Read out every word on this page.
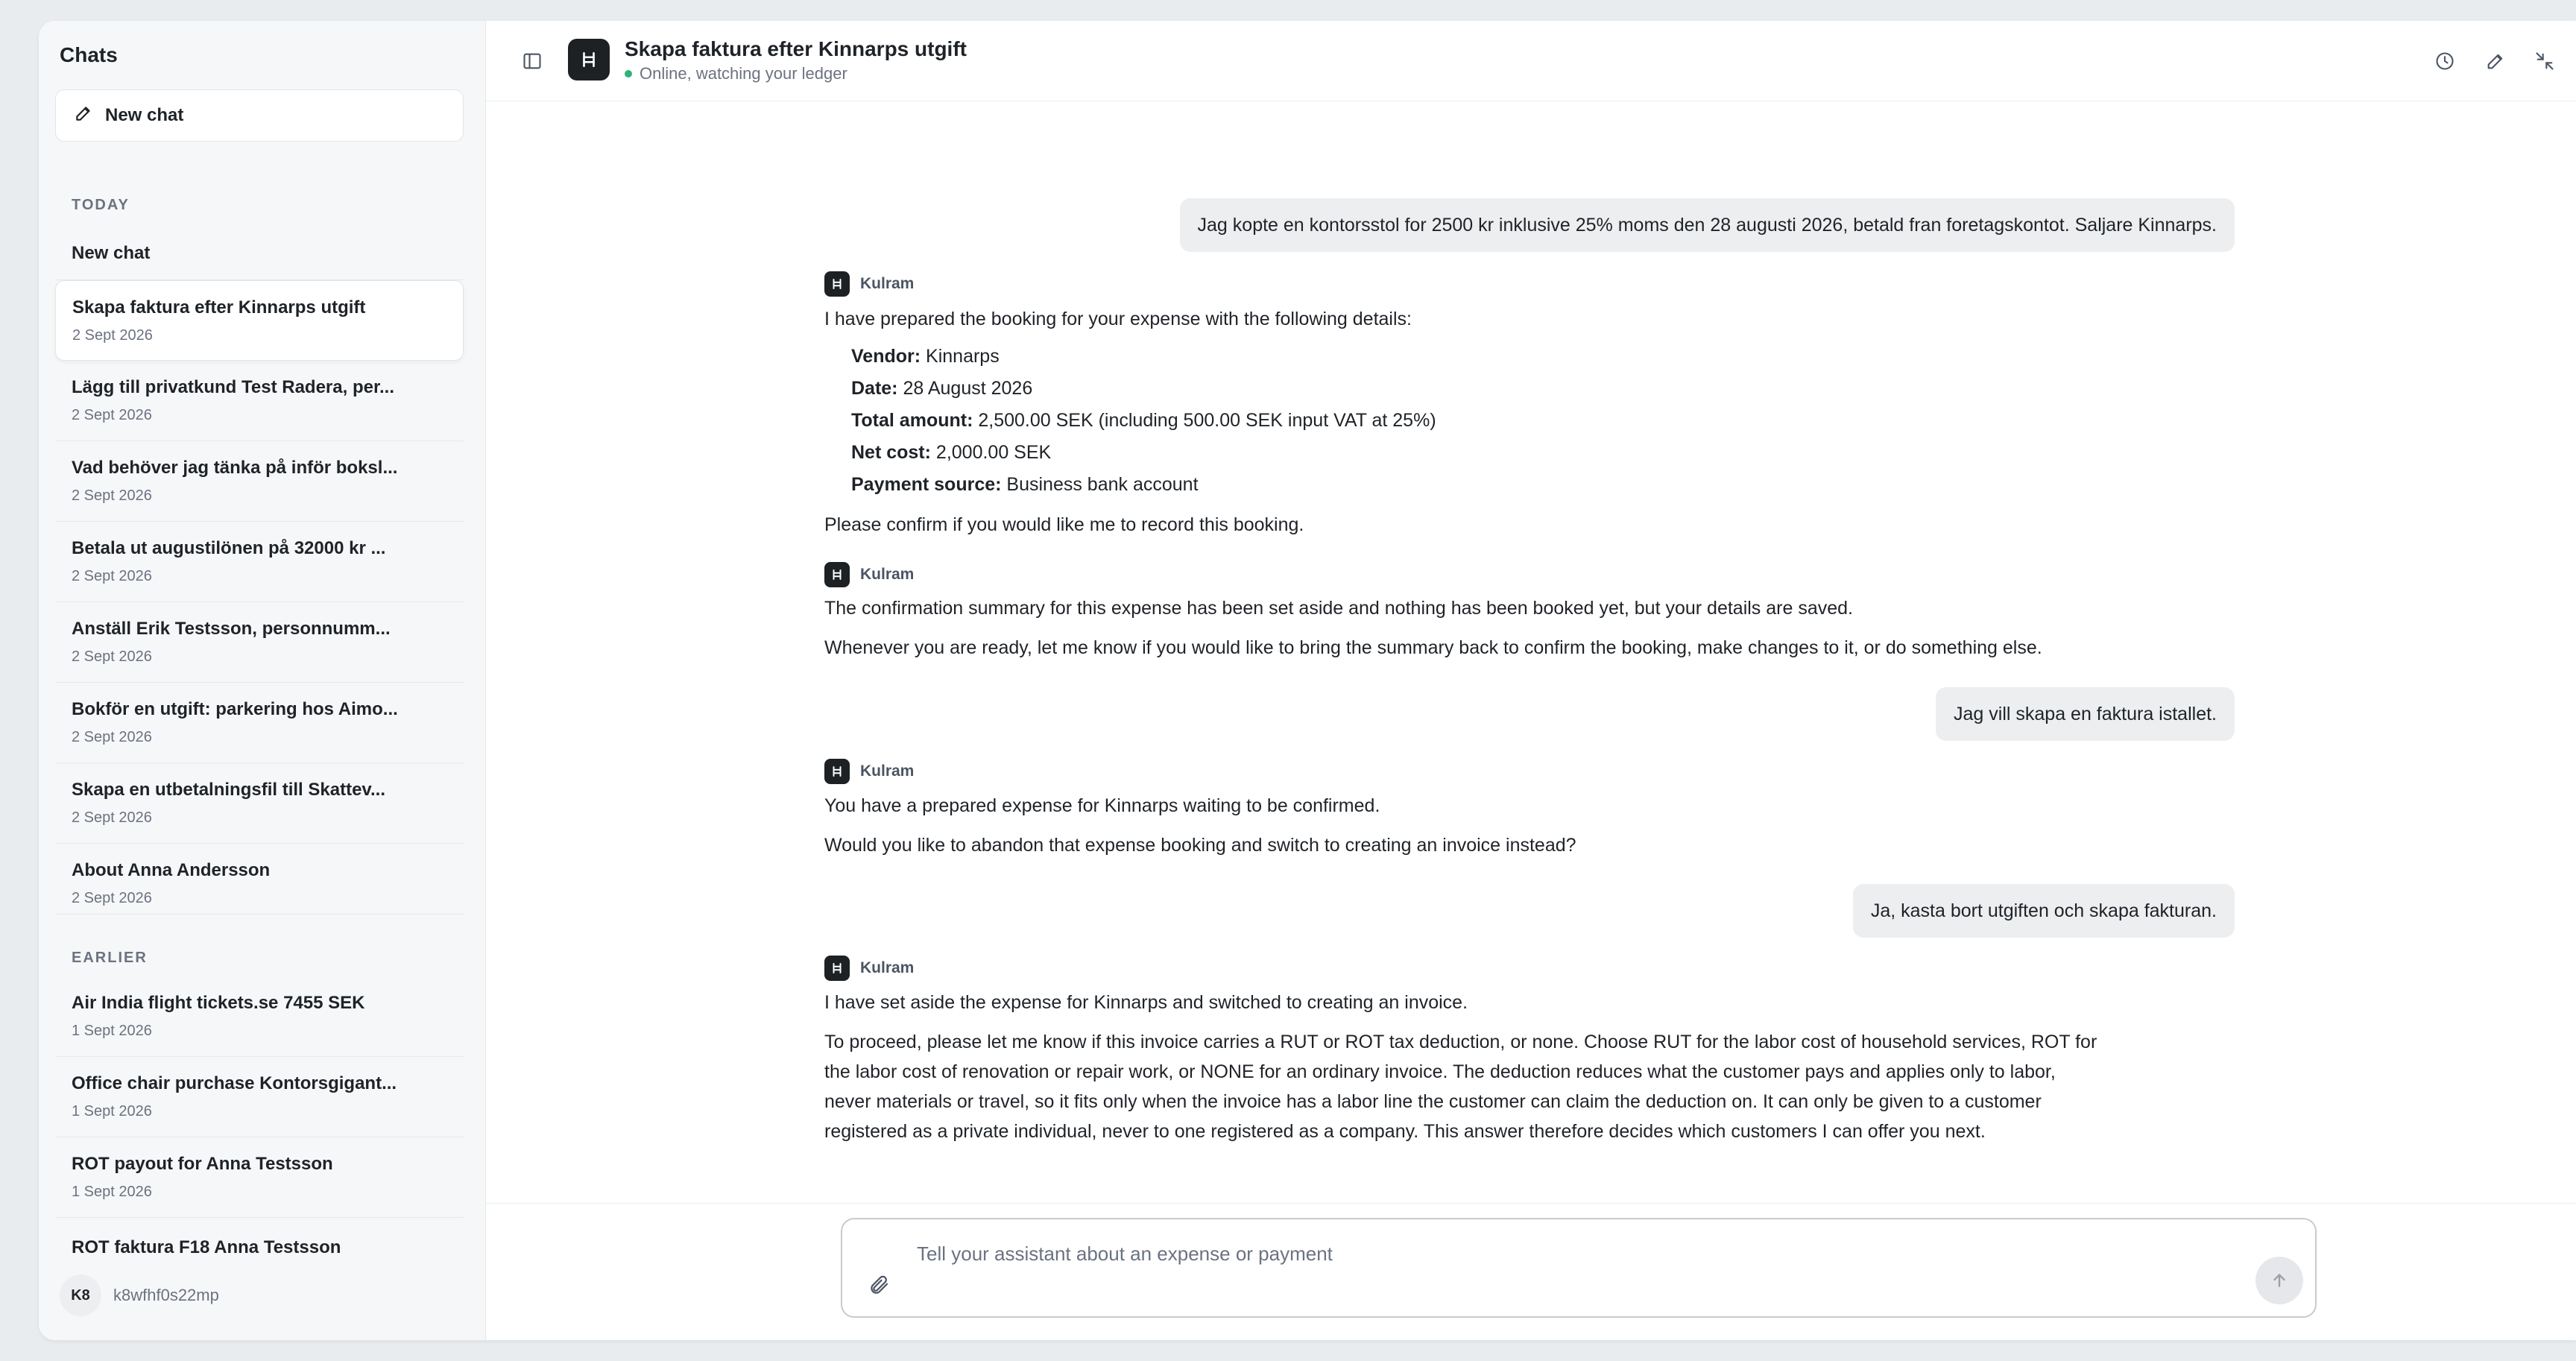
Chats
New chat
TODAY
New chat
Skapa faktura efter Kinnarps utgift
2 Sept 2026
Lägg till privatkund Test Radera, per...
2 Sept 2026
Vad behöver jag tänka på inför boksl...
2 Sept 2026
Betala ut augustilönen på 32000 kr ...
2 Sept 2026
Anställ Erik Testsson, personnumm...
2 Sept 2026
Bokför en utgift: parkering hos Aimo...
2 Sept 2026
Skapa en utbetalningsfil till Skattev...
2 Sept 2026
About Anna Andersson
2 Sept 2026
EARLIER
Air India flight tickets.se 7455 SEK
1 Sept 2026
Office chair purchase Kontorsgigant...
1 Sept 2026
ROT payout for Anna Testsson
1 Sept 2026
ROT faktura F18 Anna Testsson
K8	k8wfhf0s22mp
Skapa faktura efter Kinnarps utgift
Online, watching your ledger
Jag kopte en kontorsstol for 2500 kr inklusive 25% moms den 28 augusti 2026, betald fran foretagskontot. Saljare Kinnarps.
Kulram
I have prepared the booking for your expense with the following details:
Vendor: Kinnarps
Date: 28 August 2026
Total amount: 2,500.00 SEK (including 500.00 SEK input VAT at 25%)
Net cost: 2,000.00 SEK
Payment source: Business bank account
Please confirm if you would like me to record this booking.
Kulram
The confirmation summary for this expense has been set aside and nothing has been booked yet, but your details are saved.
Whenever you are ready, let me know if you would like to bring the summary back to confirm the booking, make changes to it, or do something else.
Jag vill skapa en faktura istallet.
Kulram
You have a prepared expense for Kinnarps waiting to be confirmed.
Would you like to abandon that expense booking and switch to creating an invoice instead?
Ja, kasta bort utgiften och skapa fakturan.
Kulram
I have set aside the expense for Kinnarps and switched to creating an invoice.
To proceed, please let me know if this invoice carries a RUT or ROT tax deduction, or none. Choose RUT for the labor cost of household services, ROT for the labor cost of renovation or repair work, or NONE for an ordinary invoice. The deduction reduces what the customer pays and applies only to labor, never materials or travel, so it fits only when the invoice has a labor line the customer can claim the deduction on. It can only be given to a customer registered as a private individual, never to one registered as a company. This answer therefore decides which customers I can offer you next.
Tell your assistant about an expense or payment
